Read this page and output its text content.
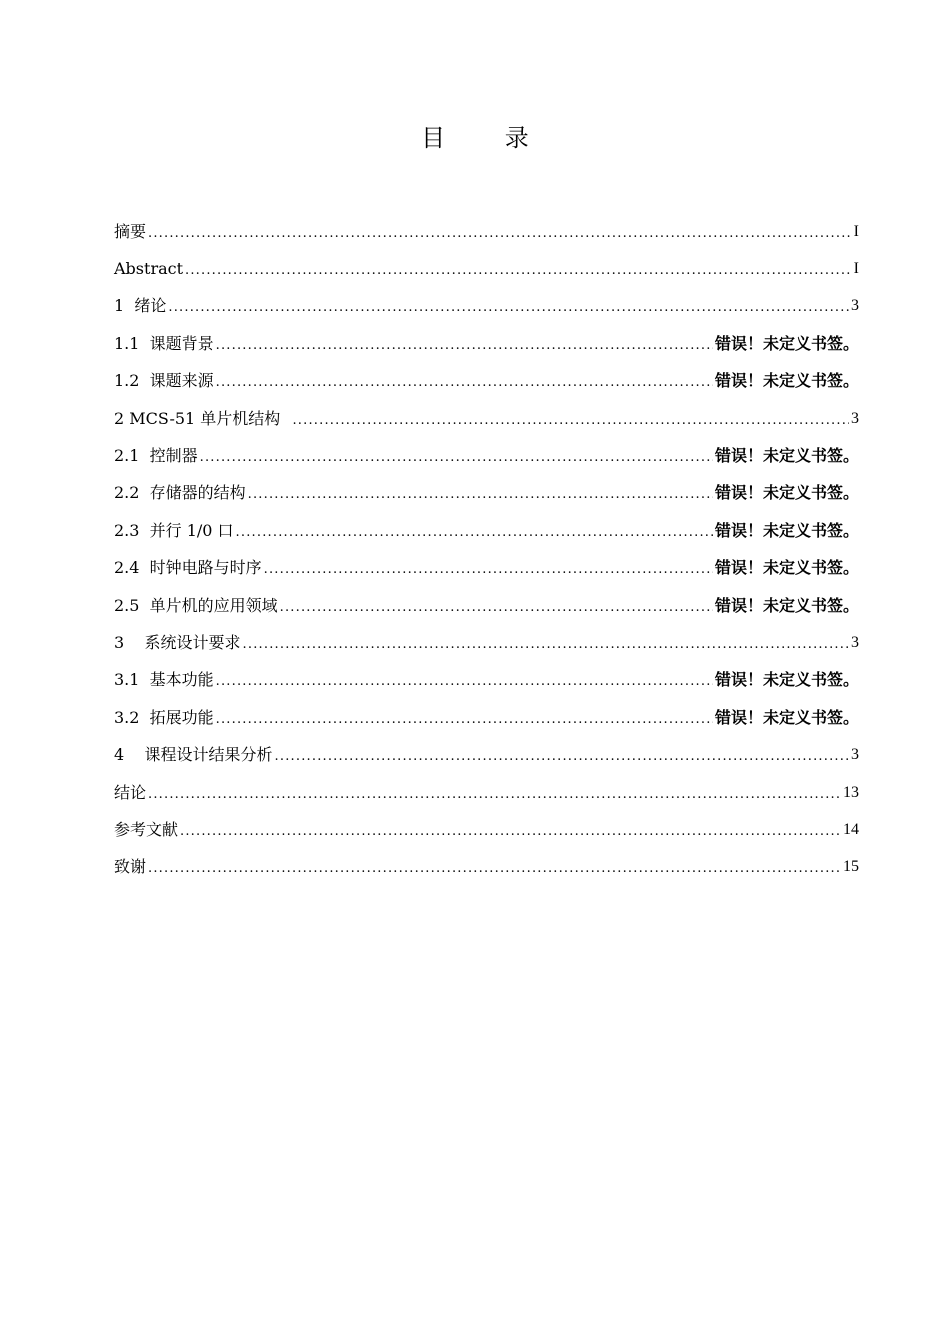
目 录
摘要 .....	I
Abstract .....	I
1  绪论 .....	3
1.1  课题背景 .....	错误！未定义书签。
1.2  课题来源 .....	错误！未定义书签。
2 MCS-51 单片机结构 .....	3
2.1  控制器 .....	错误！未定义书签。
2.2  存储器的结构 .....	错误！未定义书签。
2.3  并行 1/0 口 .....	错误！未定义书签。
2.4  时钟电路与时序 .....	错误！未定义书签。
2.5  单片机的应用领域 .....	错误！未定义书签。
3    系统设计要求 .....	3
3.1  基本功能 .....	错误！未定义书签。
3.2  拓展功能 .....	错误！未定义书签。
4    课程设计结果分析 .....	3
结论 .....	13
参考文献 .....	14
致谢 .....	15
